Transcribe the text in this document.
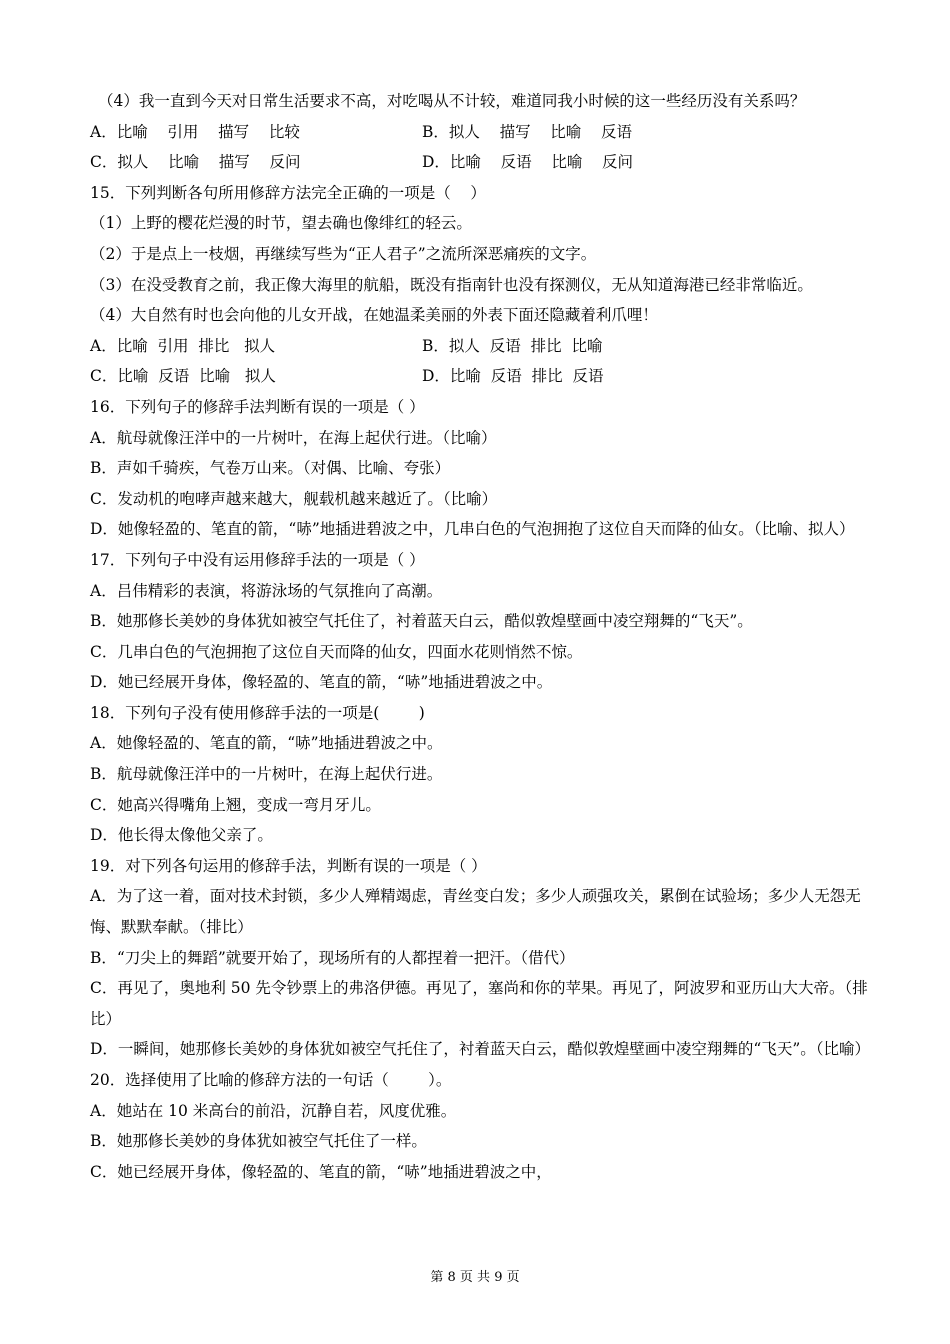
（4）我一直到今天对日常生活要求不高，对吃喝从不计较，难道同我小时候的这一些经历没有关系吗？
A．比喻    引用    描写    比较	B．拟人    描写    比喻    反语
C．拟人    比喻    描写    反问	D．比喻    反语    比喻    反问
15．下列判断各句所用修辞方法完全正确的一项是（    ）
（1）上野的樱花烂漫的时节，望去确也像绯红的轻云。
（2）于是点上一枝烟，再继续写些为“正人君子”之流所深恶痛疾的文字。
（3）在没受教育之前，我正像大海里的航船，既没有指南针也没有探测仪，无从知道海港已经非常临近。
（4）大自然有时也会向他的儿女开战，在她温柔美丽的外表下面还隐藏着利爪哩！
A．比喻  引用  排比   拟人	B．拟人  反语  排比  比喻
C．比喻  反语  比喻   拟人	D．比喻  反语  排比  反语
16．下列句子的修辞手法判断有误的一项是（ ）
A．航母就像汪洋中的一片树叶，在海上起伏行进。（比喻）
B．声如千骑疾，气卷万山来。（对偶、比喻、夸张）
C．发动机的咆哮声越来越大，舰载机越来越近了。（比喻）
D．她像轻盈的、笔直的箭，“哧”地插进碧波之中，几串白色的气泡拥抱了这位自天而降的仙女。（比喻、拟人）
17．下列句子中没有运用修辞手法的一项是（ ）
A．吕伟精彩的表演，将游泳场的气氛推向了高潮。
B．她那修长美妙的身体犹如被空气托住了，衬着蓝天白云，酷似敦煌壁画中凌空翔舞的“飞天”。
C．几串白色的气泡拥抱了这位自天而降的仙女，四面水花则悄然不惊。
D．她已经展开身体，像轻盈的、笔直的箭，“哧”地插进碧波之中。
18．下列句子没有使用修辞手法的一项是(        )
A．她像轻盈的、笔直的箭，“哧”地插进碧波之中。
B．航母就像汪洋中的一片树叶，在海上起伏行进。
C．她高兴得嘴角上翘，变成一弯月牙儿。
D．他长得太像他父亲了。
19．对下列各句运用的修辞手法，判断有误的一项是（ ）
A．为了这一着，面对技术封锁，多少人殚精竭虑，青丝变白发；多少人顽强攻关，累倒在试验场；多少人无怨无悔、默默奉献。（排比）
B．“刀尖上的舞蹈”就要开始了，现场所有的人都捏着一把汗。（借代）
C．再见了，奥地利 50 先令钞票上的弗洛伊德。再见了，塞尚和你的苹果。再见了，阿波罗和亚历山大大帝。（排比）
D．一瞬间，她那修长美妙的身体犹如被空气托住了，衬着蓝天白云，酷似敦煌壁画中凌空翔舞的“飞天”。（比喻）
20．选择使用了比喻的修辞方法的一句话（        ）。
A．她站在 10 米高台的前沿，沉静自若，风度优雅。
B．她那修长美妙的身体犹如被空气托住了一样。
C．她已经展开身体，像轻盈的、笔直的箭，“哧”地插进碧波之中，
第 8 页 共 9 页
